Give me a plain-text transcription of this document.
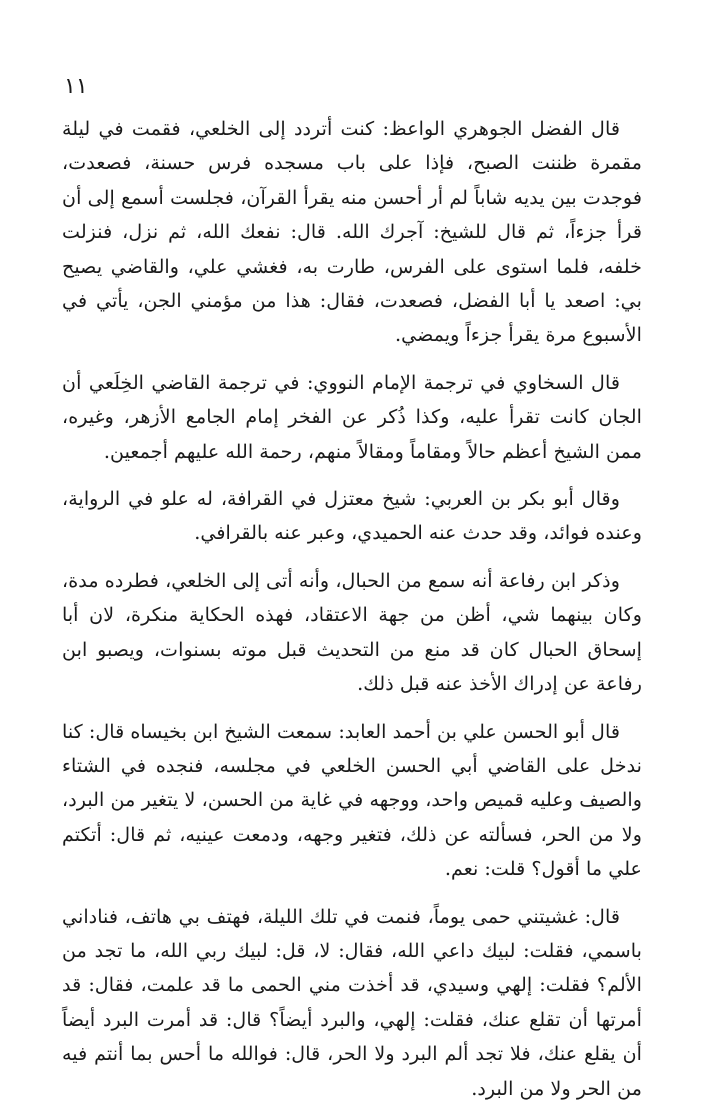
١١

قال الفضل الجوهري الواعظ: كنت أتردد إلى الخلعي، فقمت في ليلة مقمرة ظننت الصبح، فإذا على باب مسجده فرس حسنة، فصعدت، فوجدت بين يديه شاباً لم أر أحسن منه يقرأ القرآن، فجلست أسمع إلى أن قرأ جزءاً، ثم قال للشيخ: آجرك الله. قال: نفعك الله، ثم نزل، فنزلت خلفه، فلما استوى على الفرس، طارت به، فغشي علي، والقاضي يصيح بي: اصعد يا أبا الفضل، فصعدت، فقال: هذا من مؤمني الجن، يأتي في الأسبوع مرة يقرأ جزءاً ويمضي.

قال السخاوي في ترجمة الإمام النووي: في ترجمة القاضي الخِلَعي أن الجان كانت تقرأ عليه، وكذا ذُكر عن الفخر إمام الجامع الأزهر، وغيره، ممن الشيخ أعظم حالاً ومقاماً ومقالاً منهم، رحمة الله عليهم أجمعين.

وقال أبو بكر بن العربي: شيخ معتزل في القرافة، له علو في الرواية، وعنده فوائد، وقد حدث عنه الحميدي، وعبر عنه بالقرافي.

وذكر ابن رفاعة أنه سمع من الحبال، وأنه أتى إلى الخلعي، فطرده مدة، وكان بينهما شي، أظن من جهة الاعتقاد، فهذه الحكاية منكرة، لان أبا إسحاق الحبال كان قد منع من التحديث قبل موته بسنوات، ويصبو ابن رفاعة عن إدراك الأخذ عنه قبل ذلك.

قال أبو الحسن علي بن أحمد العابد: سمعت الشيخ ابن بخيساه قال: كنا ندخل على القاضي أبي الحسن الخلعي في مجلسه، فنجده في الشتاء والصيف وعليه قميص واحد، ووجهه في غاية من الحسن، لا يتغير من البرد، ولا من الحر، فسألته عن ذلك، فتغير وجهه، ودمعت عينيه، ثم قال: أتكتم علي ما أقول؟ قلت: نعم.

قال: غشيتني حمى يوماً، فنمت في تلك الليلة، فهتف بي هاتف، فناداني باسمي، فقلت: لبيك داعي الله، فقال: لا، قل: لبيك ربي الله، ما تجد من الألم؟ فقلت: إلهي وسيدي، قد أخذت مني الحمى ما قد علمت، فقال: قد أمرتها أن تقلع عنك، فقلت: إلهي، والبرد أيضاً؟ قال: قد أمرت البرد أيضاً أن يقلع عنك، فلا تجد ألم البرد ولا الحر، قال: فوالله ما أحس بما أنتم فيه من الحر ولا من البرد.
